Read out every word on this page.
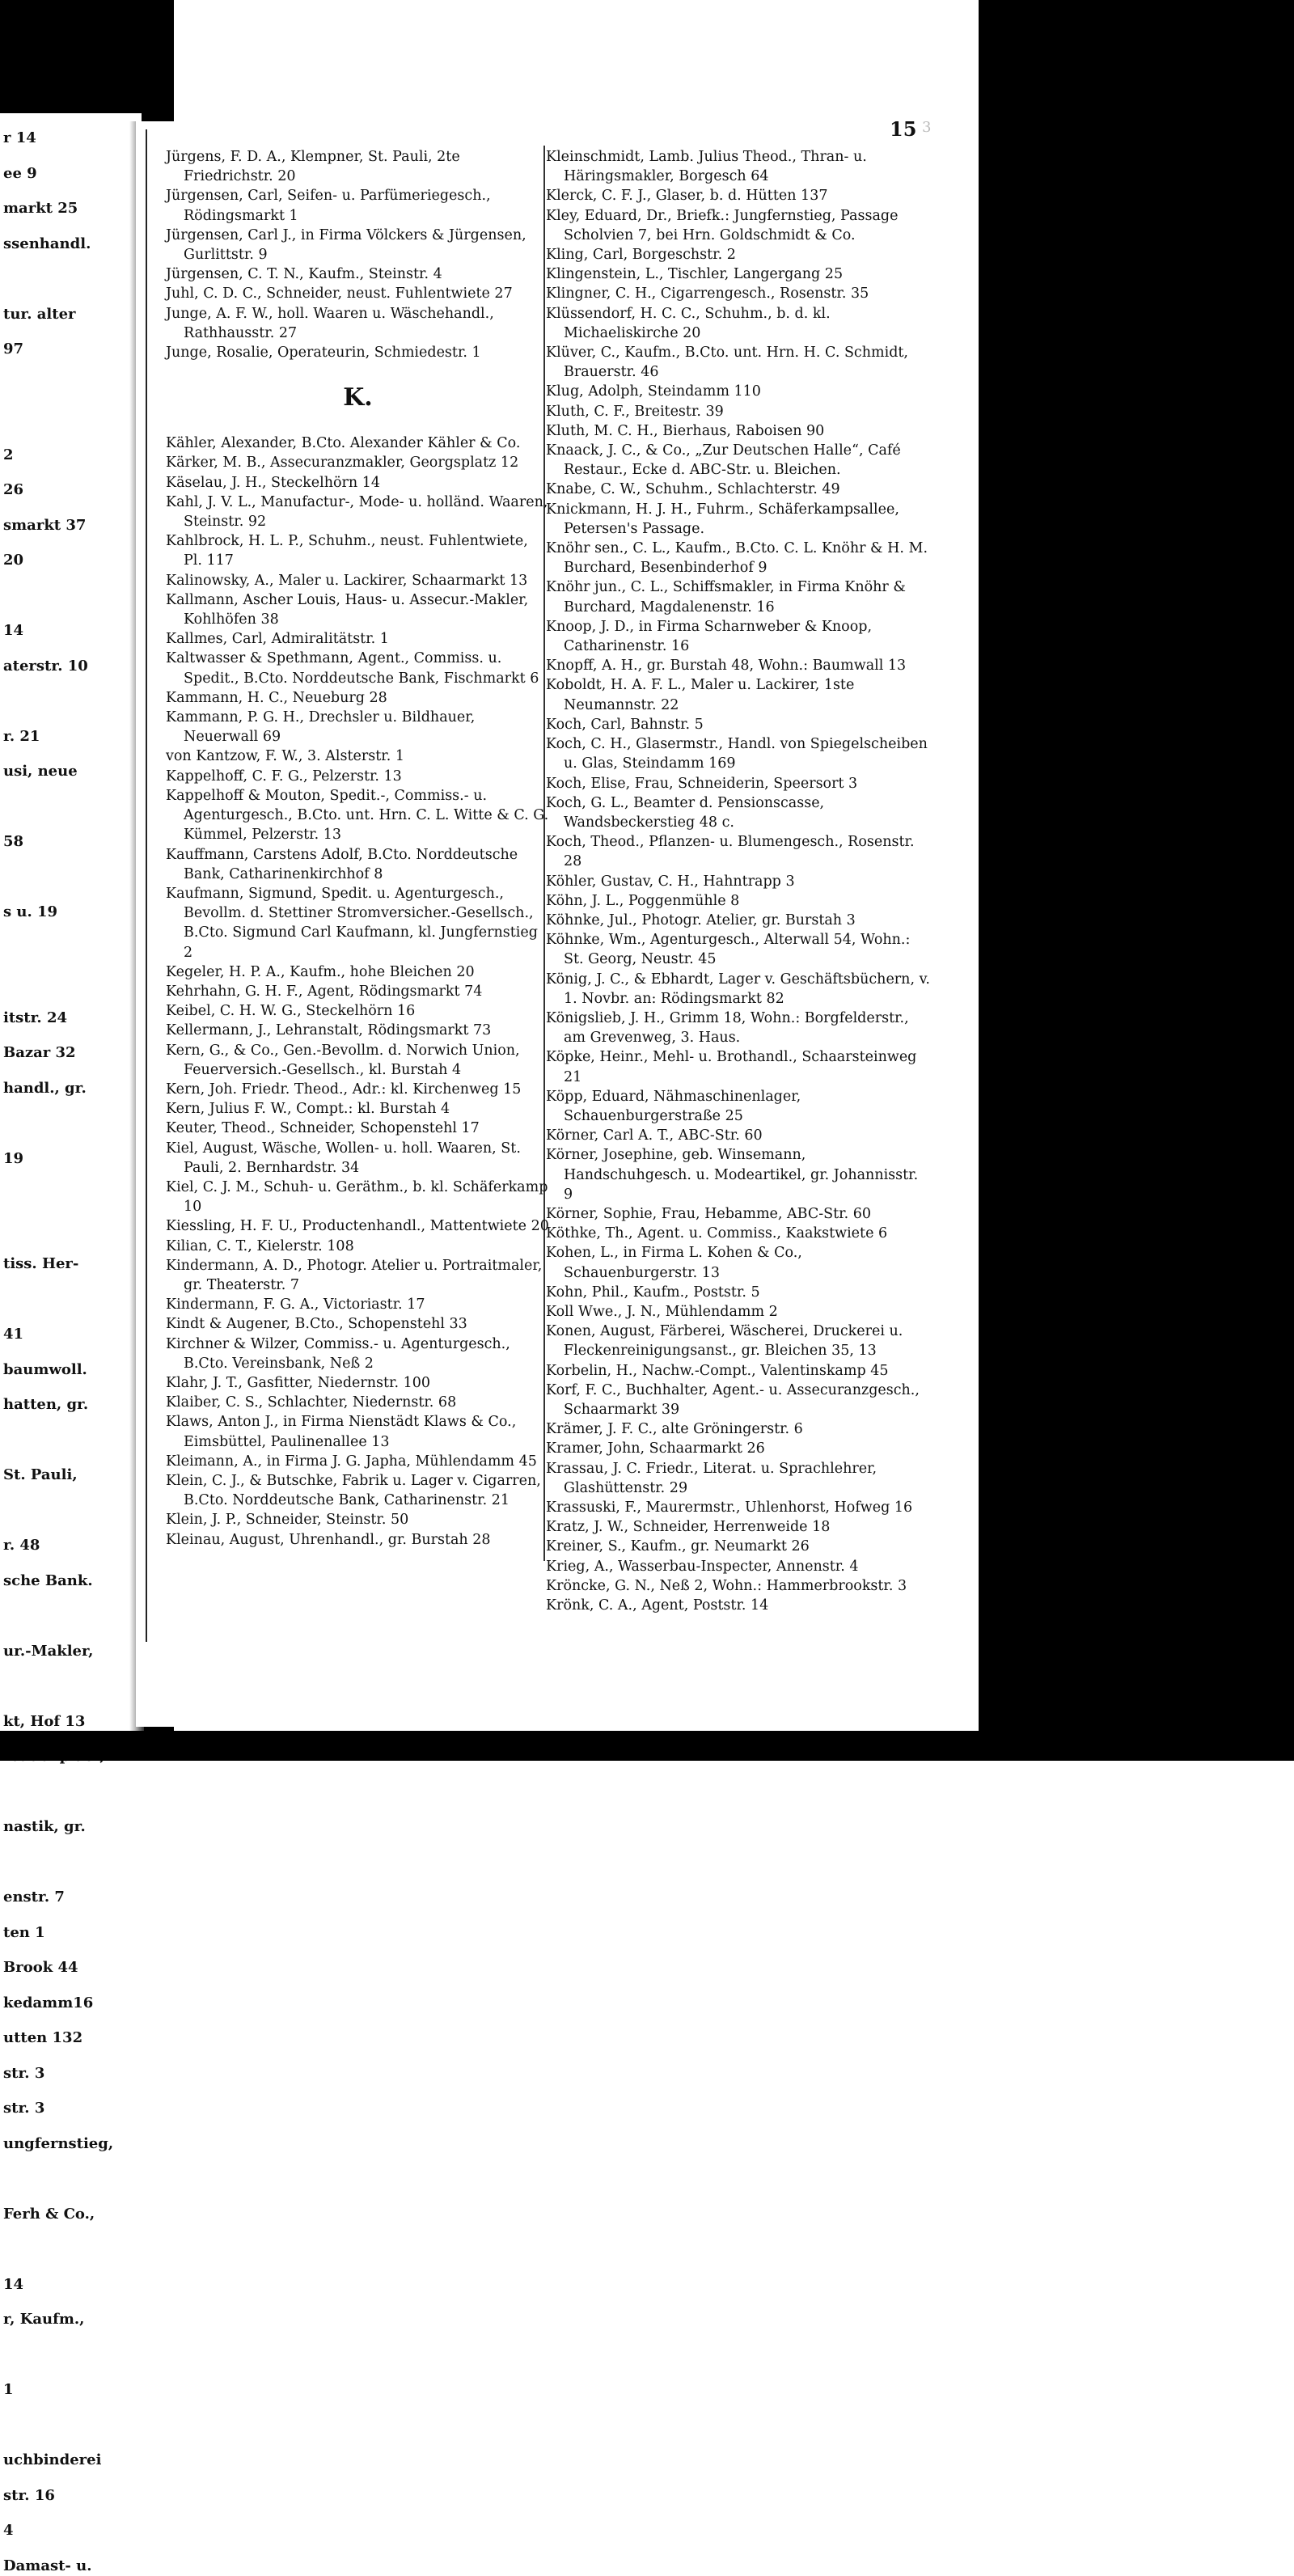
r 14

ee 9

markt 25

ssenhandl.

tur. alter

97

2

26

smarkt 37

20

14

aterstr. 10

r. 21

usi, neue

58

s u. 19

itstr. 24

Bazar 32

handl., gr.

19

tiss. Her-

41

baumwoll.

hatten, gr.

St. Pauli,

r. 48

sche Bank.

ur.-Makler,

kt, Hof 13

nastik, gr.

enstr. 7

ten 1

Brook 44

kedamm16

utten 132

str. 3

str. 3

ungfernstieg,

Ferh & Co.,

14

r, Kaufm.,

1

uchbinderei

str. 16

4

Damast- u.

15 3

Jürgens, F. D. A., Klempner, St. Pauli, 2te Friedrichstr. 20

Jürgensen, Carl, Seifen- u. Parfümeriegesch., Rödingsmarkt 1

Jürgensen, Carl J., in Firma Völckers & Jürgensen, Gurlittstr. 9

Jürgensen, C. T. N., Kaufm., Steinstr. 4

Juhl, C. D. C., Schneider, neust. Fuhlentwiete 27

Junge, A. F. W., holl. Waaren u. Wäschehandl., Rathhausstr. 27

Junge, Rosalie, Operateurin, Schmiedestr. 1

K.

Kähler, Alexander, B.Cto. Alexander Kähler & Co.

Kärker, M. B., Assecuranzmakler, Georgsplatz 12

Käselau, J. H., Steckelhörn 14

Kahl, J. V. L., Manufactur-, Mode- u. holländ. Waaren, Steinstr. 92

Kahlbrock, H. L. P., Schuhm., neust. Fuhlentwiete, Pl. 117

Kalinowsky, A., Maler u. Lackirer, Schaarmarkt 13

Kallmann, Ascher Louis, Haus- u. Assecur.-Makler, Kohlhöfen 38

Kallmes, Carl, Admiralitätstr. 1

Kaltwasser & Spethmann, Agent., Commiss. u. Spedit., B.Cto. Norddeutsche Bank, Fischmarkt 6

Kammann, H. C., Neueburg 28

Kammann, P. G. H., Drechsler u. Bildhauer, Neuerwall 69

von Kantzow, F. W., 3. Alsterstr. 1

Kappelhoff, C. F. G., Pelzerstr. 13

Kappelhoff & Mouton, Spedit.-, Commiss.- u. Agenturgesch., B.Cto. unt. Hrn. C. L. Witte & C. G. Kümmel, Pelzerstr. 13

Kauffmann, Carstens Adolf, B.Cto. Norddeutsche Bank, Catharinenkirchhof 8

Kaufmann, Sigmund, Spedit. u. Agenturgesch., Bevollm. d. Stettiner Stromversicher.-Gesellsch., B.Cto. Sigmund Carl Kaufmann, kl. Jungfernstieg 2

Kegeler, H. P. A., Kaufm., hohe Bleichen 20

Kehrhahn, G. H. F., Agent, Rödingsmarkt 74

Keibel, C. H. W. G., Steckelhörn 16

Kellermann, J., Lehranstalt, Rödingsmarkt 73

Kern, G., & Co., Gen.-Bevollm. d. Norwich Union, Feuerversich.-Gesellsch., kl. Burstah 4

Kern, Joh. Friedr. Theod., Adr.: kl. Kirchenweg 15

Kern, Julius F. W., Compt.: kl. Burstah 4

Keuter, Theod., Schneider, Schopenstehl 17

Kiel, August, Wäsche, Wollen- u. holl. Waaren, St. Pauli, 2. Bernhardstr. 34

Kiel, C. J. M., Schuh- u. Geräthm., b. kl. Schäferkamp 10

Kiessling, H. F. U., Productenhandl., Mattentwiete 20

Kilian, C. T., Kielerstr. 108

Kindermann, A. D., Photogr. Atelier u. Portraitmaler, gr. Theaterstr. 7

Kindermann, F. G. A., Victoriastr. 17

Kindt & Augener, B.Cto., Schopenstehl 33

Kirchner & Wilzer, Commiss.- u. Agenturgesch., B.Cto. Vereinsbank, Neß 2

Klahr, J. T., Gasfitter, Niedernstr. 100

Klaiber, C. S., Schlachter, Niedernstr. 68

Klaws, Anton J., in Firma Nienstädt Klaws & Co., Eimsbüttel, Paulinenallee 13

Kleimann, A., in Firma J. G. Japha, Mühlendamm 45

Klein, C. J., & Butschke, Fabrik u. Lager v. Cigarren, B.Cto. Norddeutsche Bank, Catharinenstr. 21

Klein, J. P., Schneider, Steinstr. 50

Kleinau, August, Uhrenhandl., gr. Burstah 28

Kleinschmidt, Lamb. Julius Theod., Thran- u. Häringsmakler, Borgesch 64

Klerck, C. F. J., Glaser, b. d. Hütten 137

Kley, Eduard, Dr., Briefk.: Jungfernstieg, Passage Scholvien 7, bei Hrn. Goldschmidt & Co.

Kling, Carl, Borgeschstr. 2

Klingenstein, L., Tischler, Langergang 25

Klingner, C. H., Cigarrengesch., Rosenstr. 35

Klüssendorf, H. C. C., Schuhm., b. d. kl. Michaeliskirche 20

Klüver, C., Kaufm., B.Cto. unt. Hrn. H. C. Schmidt, Brauerstr. 46

Klug, Adolph, Steindamm 110

Kluth, C. F., Breitestr. 39

Kluth, M. C. H., Bierhaus, Raboisen 90

Knaack, J. C., & Co., „Zur Deutschen Halle“, Café Restaur., Ecke d. ABC-Str. u. Bleichen.

Knabe, C. W., Schuhm., Schlachterstr. 49

Knickmann, H. J. H., Fuhrm., Schäferkampsallee, Petersen's Passage.

Knöhr sen., C. L., Kaufm., B.Cto. C. L. Knöhr & H. M. Burchard, Besenbinderhof 9

Knöhr jun., C. L., Schiffsmakler, in Firma Knöhr & Burchard, Magdalenenstr. 16

Knoop, J. D., in Firma Scharnweber & Knoop, Catharinenstr. 16

Knopff, A. H., gr. Burstah 48, Wohn.: Baumwall 13

Koboldt, H. A. F. L., Maler u. Lackirer, 1ste Neumannstr. 22

Koch, Carl, Bahnstr. 5

Koch, C. H., Glasermstr., Handl. von Spiegelscheiben u. Glas, Steindamm 169

Koch, Elise, Frau, Schneiderin, Speersort 3

Koch, G. L., Beamter d. Pensionscasse, Wandsbeckerstieg 48 c.

Koch, Theod., Pflanzen- u. Blumengesch., Rosenstr. 28

Köhler, Gustav, C. H., Hahntrapp 3

Köhn, J. L., Poggenmühle 8

Köhnke, Jul., Photogr. Atelier, gr. Burstah 3

Köhnke, Wm., Agenturgesch., Alterwall 54, Wohn.: St. Georg, Neustr. 45

König, J. C., & Ebhardt, Lager v. Geschäftsbüchern, v. 1. Novbr. an: Rödingsmarkt 82

Königslieb, J. H., Grimm 18, Wohn.: Borgfelderstr., am Grevenweg, 3. Haus.

Köpke, Heinr., Mehl- u. Brothandl., Schaarsteinweg 21

Köpp, Eduard, Nähmaschinenlager, Schauenburgerstraße 25

Körner, Carl A. T., ABC-Str. 60

Körner, Josephine, geb. Winsemann, Handschuhgesch. u. Modeartikel, gr. Johannisstr. 9

Körner, Sophie, Frau, Hebamme, ABC-Str. 60

Köthke, Th., Agent. u. Commiss., Kaakstwiete 6

Kohen, L., in Firma L. Kohen & Co., Schauenburgerstr. 13

Kohn, Phil., Kaufm., Poststr. 5

Koll Wwe., J. N., Mühlendamm 2

Konen, August, Färberei, Wäscherei, Druckerei u. Fleckenreinigungsanst., gr. Bleichen 35, 13

Korbelin, H., Nachw.-Compt., Valentinskamp 45

Korf, F. C., Buchhalter, Agent.- u. Assecuranzgesch., Schaarmarkt 39

Krämer, J. F. C., alte Gröningerstr. 6

Kramer, John, Schaarmarkt 26

Krassau, J. C. Friedr., Literat. u. Sprachlehrer, Glashüttenstr. 29

Krassuski, F., Maurermstr., Uhlenhorst, Hofweg 16

Kratz, J. W., Schneider, Herrenweide 18

Kreiner, S., Kaufm., gr. Neumarkt 26

Krieg, A., Wasserbau-Inspecter, Annenstr. 4

Kröncke, G. N., Neß 2, Wohn.: Hammerbrookstr. 3

Krönk, C. A., Agent, Poststr. 14
